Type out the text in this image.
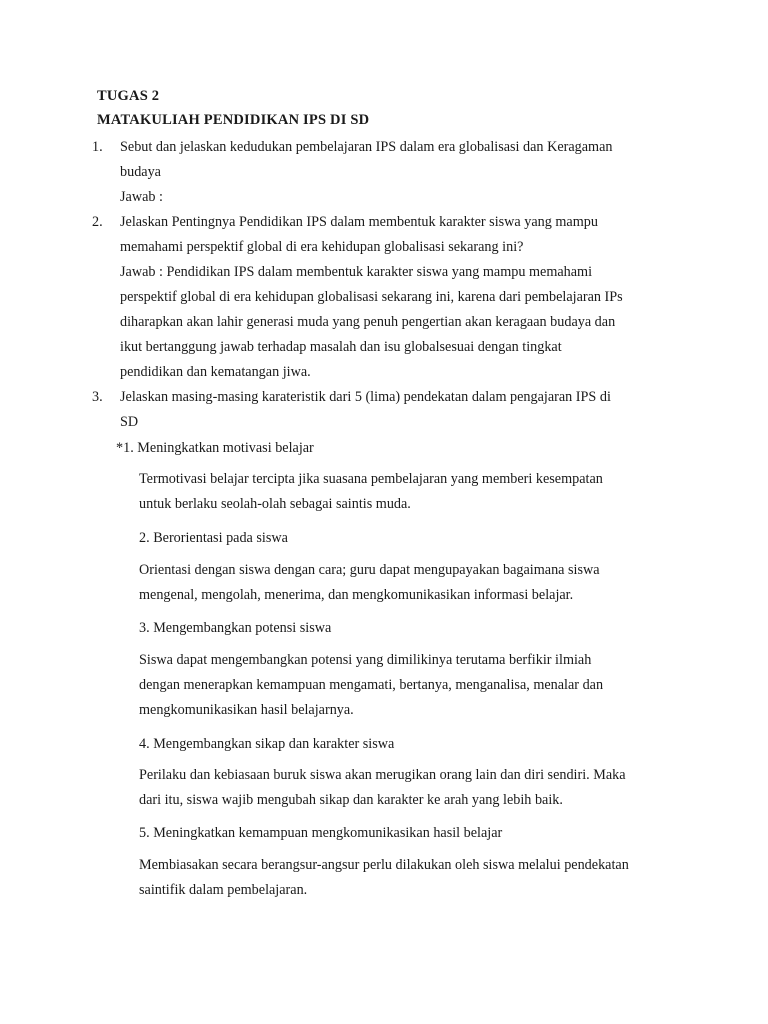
TUGAS 2
MATAKULIAH PENDIDIKAN IPS DI SD
1.	Sebut dan jelaskan kedudukan pembelajaran IPS dalam era globalisasi dan Keragaman
budaya
Jawab :
2.	Jelaskan Pentingnya Pendidikan IPS dalam membentuk karakter siswa yang mampu
memahami perspektif global di era kehidupan globalisasi sekarang ini?
Jawab : Pendidikan IPS dalam membentuk karakter siswa yang mampu memahami
perspektif global di era kehidupan globalisasi sekarang ini, karena dari pembelajaran IPs
diharapkan akan lahir generasi muda yang penuh pengertian akan keragaan budaya dan
ikut bertanggung jawab terhadap masalah dan isu globalsesuai dengan tingkat
pendidikan dan kematangan jiwa.
3.	Jelaskan masing-masing karateristik dari 5 (lima) pendekatan dalam pengajaran IPS di
SD
*1. Meningkatkan motivasi belajar
Termotivasi belajar tercipta jika suasana pembelajaran yang memberi kesempatan
untuk berlaku seolah-olah sebagai saintis muda.
2. Berorientasi pada siswa
Orientasi dengan siswa dengan cara; guru dapat mengupayakan bagaimana siswa
mengenal, mengolah, menerima, dan mengkomunikasikan informasi belajar.
3. Mengembangkan potensi siswa
Siswa dapat mengembangkan potensi yang dimilikinya terutama berfikir ilmiah
dengan menerapkan kemampuan mengamati, bertanya, menganalisa, menalar dan
mengkomunikasikan hasil belajarnya.
4. Mengembangkan sikap dan karakter siswa
Perilaku dan kebiasaan buruk siswa akan merugikan orang lain dan diri sendiri. Maka
dari itu, siswa wajib mengubah sikap dan karakter ke arah yang lebih baik.
5. Meningkatkan kemampuan mengkomunikasikan hasil belajar
Membiasakan secara berangsur-angsur perlu dilakukan oleh siswa melalui pendekatan
saintifik dalam pembelajaran.
